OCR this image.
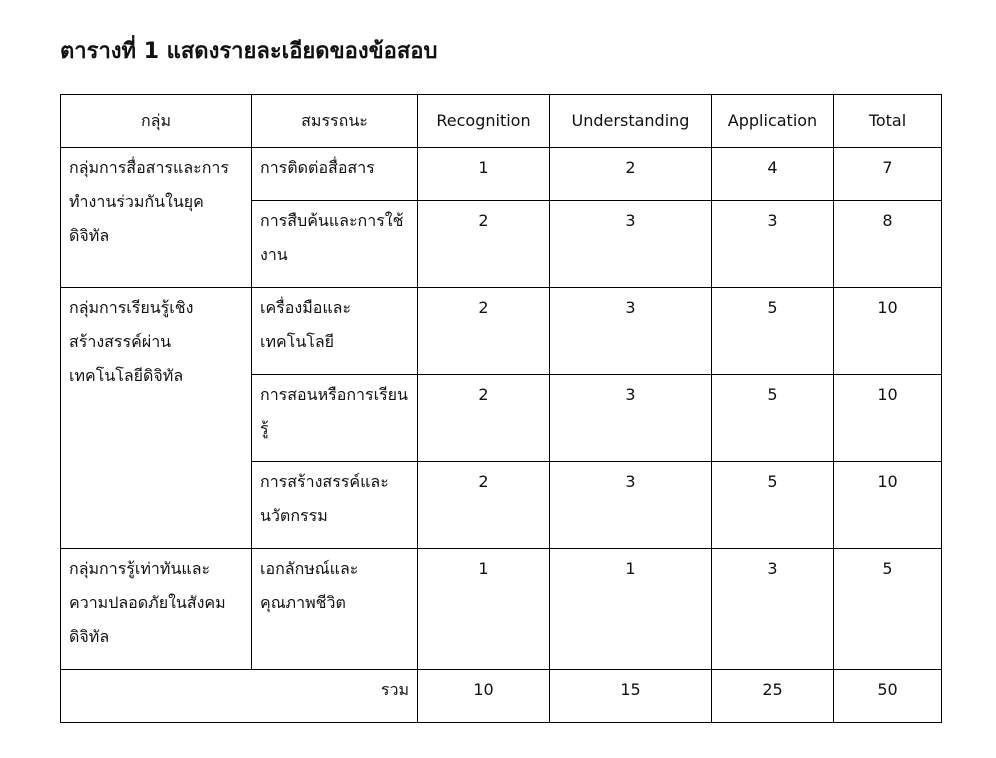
ตารางที่ 1 แสดงรายละเอียดของข้อสอบ
กลุ่ม	สมรรถนะ	Recognition	Understanding	Application	Total
กลุ่มการสื่อสารและการทำงานร่วมกันในยุคดิจิทัล	การติดต่อสื่อสาร	1	2	4	7
	การสืบค้นและการใช้งาน	2	3	3	8
กลุ่มการเรียนรู้เชิงสร้างสรรค์ผ่านเทคโนโลยีดิจิทัล	เครื่องมือและเทคโนโลยี	2	3	5	10
	การสอนหรือการเรียนรู้	2	3	5	10
	การสร้างสรรค์และนวัตกรรม	2	3	5	10
กลุ่มการรู้เท่าทันและความปลอดภัยในสังคมดิจิทัล	เอกลักษณ์และคุณภาพชีวิต	1	1	3	5
รวม		10	15	25	50
